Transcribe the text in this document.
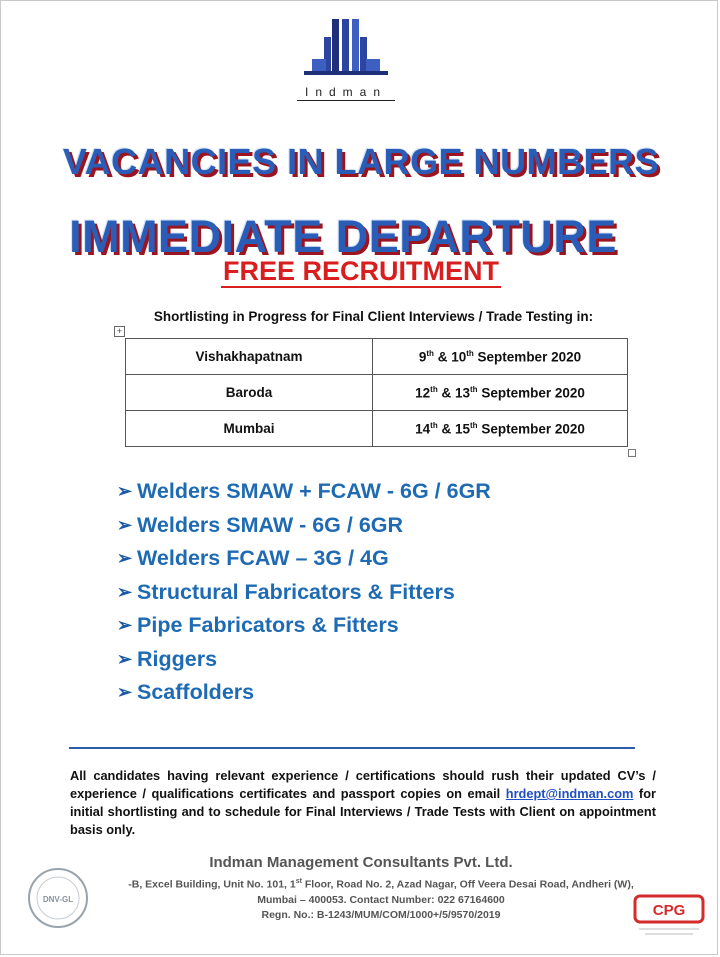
Indman
VACANCIES IN LARGE NUMBERS
IMMEDIATE DEPARTURE
FREE RECRUITMENT
Shortlisting in Progress for Final Client Interviews / Trade Testing in:
+
Vishakhapatnam	9th & 10th September 2020
Baroda	12th & 13th September 2020
Mumbai	14th & 15th September 2020
➢ Welders SMAW + FCAW - 6G / 6GR
➢ Welders SMAW - 6G / 6GR
➢ Welders FCAW – 3G / 4G
➢ Structural Fabricators & Fitters
➢ Pipe Fabricators & Fitters
➢ Riggers
➢ Scaffolders
All candidates having relevant experience / certifications should rush their updated CV’s / experience / qualifications certificates and passport copies on email hrdept@indman.com for initial shortlisting and to schedule for Final Interviews / Trade Tests with Client on appointment basis only.
Indman Management Consultants Pvt. Ltd.
-B, Excel Building, Unit No. 101, 1st Floor, Road No. 2, Azad Nagar, Off Veera Desai Road, Andheri (W),
Mumbai – 400053. Contact Number: 022 67164600
Regn. No.: B-1243/MUM/COM/1000+/5/9570/2019
DNV-GL
CPG
